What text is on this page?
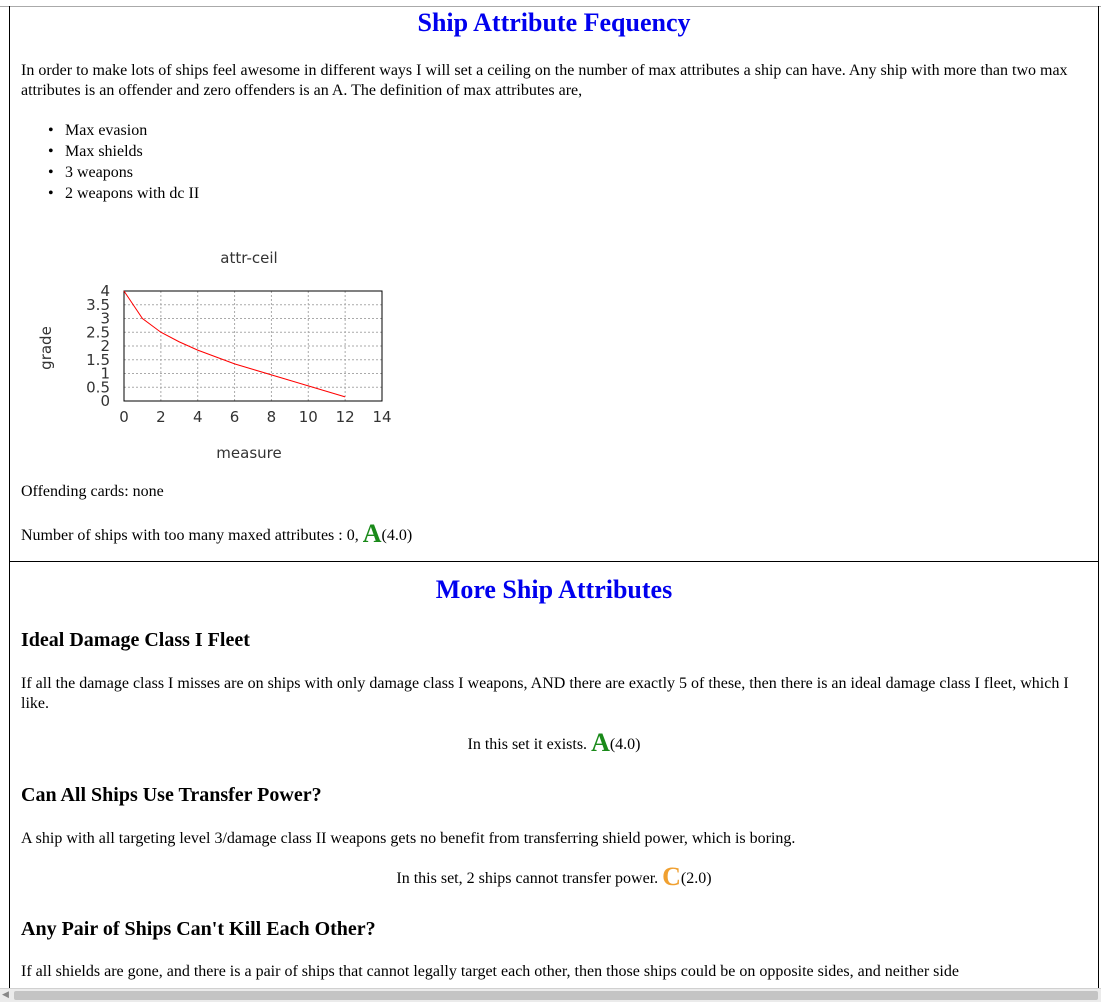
Ship Attribute Fequency

In order to make lots of ships feel awesome in different ways I will set a ceiling on the number of max attributes a ship can have. Any ship with more than two max attributes is an offender and zero offenders is an A. The definition of max attributes are,

• Max evasion
• Max shields
• 3 weapons
• 2 weapons with dc II
attr-ceil
0 2 4 6 8 10 12 14
0
0.5
1
1.5
2
2.5
3
3.5
4
measure
grade

Offending cards: none

Number of ships with too many maxed attributes : 0, A(4.0)

More Ship Attributes
Ideal Damage Class I Fleet

If all the damage class I misses are on ships with only damage class I weapons, AND there are exactly 5 of these, then there is an ideal damage class I fleet, which I like.

In this set it exists. A(4.0)

Can All Ships Use Transfer Power?

A ship with all targeting level 3/damage class II weapons gets no benefit from transferring shield power, which is boring.

In this set, 2 ships cannot transfer power. C(2.0)

Any Pair of Ships Can't Kill Each Other?

If all shields are gone, and there is a pair of ships that cannot legally target each other, then those ships could be on opposite sides, and neither side

◀
